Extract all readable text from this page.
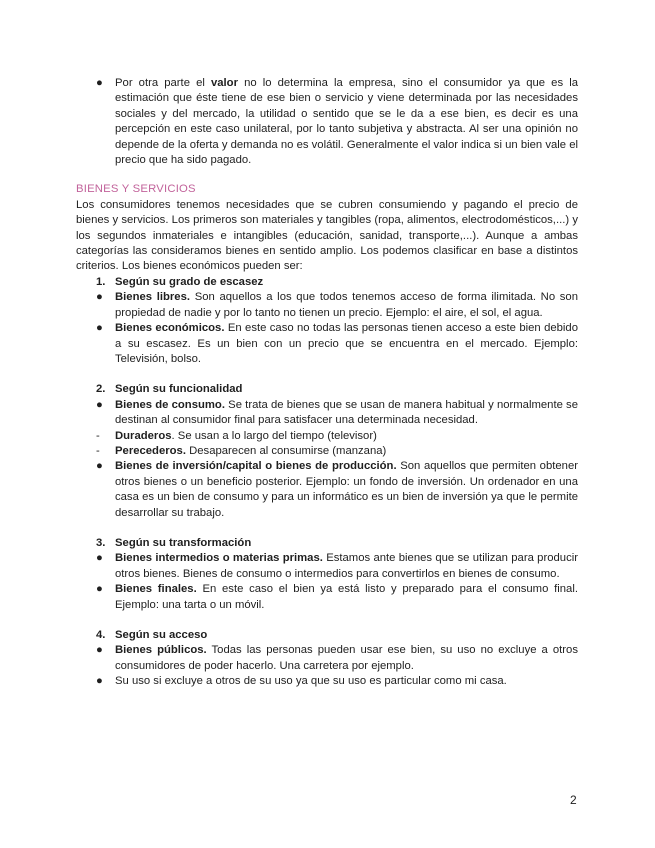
● Por otra parte el valor no lo determina la empresa, sino el consumidor ya que es la estimación que éste tiene de ese bien o servicio y viene determinada por las necesidades sociales y del mercado, la utilidad o sentido que se le da a ese bien, es decir es una percepción en este caso unilateral, por lo tanto subjetiva y abstracta. Al ser una opinión no depende de la oferta y demanda no es volátil. Generalmente el valor indica si un bien vale el precio que ha sido pagado.

BIENES Y SERVICIOS

Los consumidores tenemos necesidades que se cubren consumiendo y pagando el precio de bienes y servicios. Los primeros son materiales y tangibles (ropa, alimentos, electrodomésticos,...) y los segundos inmateriales e intangibles (educación, sanidad, transporte,...). Aunque a ambas categorías las consideramos bienes en sentido amplio. Los podemos clasificar en base a distintos criterios. Los bienes económicos pueden ser:

1. Según su grado de escasez
● Bienes libres. Son aquellos a los que todos tenemos acceso de forma ilimitada. No son propiedad de nadie y por lo tanto no tienen un precio. Ejemplo: el aire, el sol, el agua.
● Bienes económicos. En este caso no todas las personas tienen acceso a este bien debido a su escasez. Es un bien con un precio que se encuentra en el mercado. Ejemplo: Televisión, bolso.
2. Según su funcionalidad
● Bienes de consumo. Se trata de bienes que se usan de manera habitual y normalmente se destinan al consumidor final para satisfacer una determinada necesidad.
- Duraderos. Se usan a lo largo del tiempo (televisor)
- Perecederos. Desaparecen al consumirse (manzana)
● Bienes de inversión/capital o bienes de producción. Son aquellos que permiten obtener otros bienes o un beneficio posterior. Ejemplo: un fondo de inversión. Un ordenador en una casa es un bien de consumo y para un informático es un bien de inversión ya que le permite desarrollar su trabajo.
3. Según su transformación
● Bienes intermedios o materias primas. Estamos ante bienes que se utilizan para producir otros bienes. Bienes de consumo o intermedios para convertirlos en bienes de consumo.
● Bienes finales. En este caso el bien ya está listo y preparado para el consumo final. Ejemplo: una tarta o un móvil.
4. Según su acceso
● Bienes públicos. Todas las personas pueden usar ese bien, su uso no excluye a otros consumidores de poder hacerlo. Una carretera por ejemplo.
● Su uso si excluye a otros de su uso ya que su uso es particular como mi casa.
2
